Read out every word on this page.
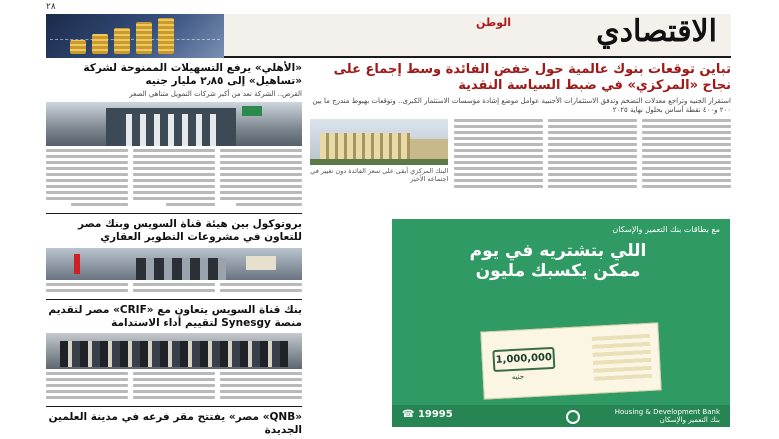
٢٨
الاقتصادي
الوطن
«الأهلي» يرفع التسهيلات الممنوحة لشركة «تساهيل» إلى ٢٫٨٥ مليار جنيه
القرض.. الشركة تعد من أكبر شركات التمويل متناهي الصغر
بروتوكول بين هيئة قناة السويس وبنك مصر للتعاون في مشروعات التطوير العقاري
بنك قناة السويس يتعاون مع «CRIF» مصر لتقديم منصة Synesgy لتقييم أداء الاستدامة
«QNB» مصر» يفتتح مقر فرعه في مدينة العلمين الجديدة
تباين توقعات بنوك عالمية حول خفض الفائدة وسط إجماع على نجاح «المركزي» في ضبط السياسة النقدية
استقرار الجنيه وتراجع معدلات التضخم وتدفق الاستثمارات الأجنبية عوامل موضع إشادة مؤسسات الاستثمار الكبرى.. وتوقعات بهبوط متدرج ما بين ٢٠٠ و٤٠٠ نقطة أساس بحلول نهاية ٢٠٢٥
البنك المركزي أبقى على سعر الفائدة دون تغيير في اجتماعه الأخير
مع بطاقات بنك التعمير والإسكان
اللي بتشتريه في يوم ممكن يكسبك مليون
1,000,000
جنيه
☎ 19995	Housing & Development Bank
بنك التعمير والإسكان
